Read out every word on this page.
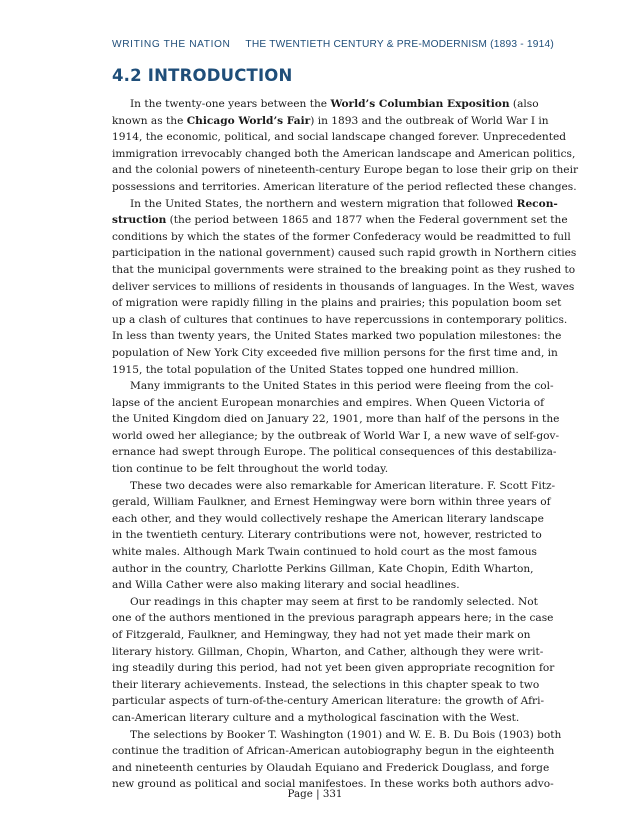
WRITING THE NATION THE TWENTIETH CENTURY & PRE-MODERNISM (1893 - 1914)
4.2 INTRODUCTION
In the twenty-one years between the World’s Columbian Exposition (also
known as the Chicago World’s Fair) in 1893 and the outbreak of World War I in
1914, the economic, political, and social landscape changed forever. Unprecedented
immigration irrevocably changed both the American landscape and American politics,
and the colonial powers of nineteenth-century Europe began to lose their grip on their
possessions and territories. American literature of the period reflected these changes.
In the United States, the northern and western migration that followed Recon-
struction (the period between 1865 and 1877 when the Federal government set the
conditions by which the states of the former Confederacy would be readmitted to full
participation in the national government) caused such rapid growth in Northern cities
that the municipal governments were strained to the breaking point as they rushed to
deliver services to millions of residents in thousands of languages. In the West, waves
of migration were rapidly filling in the plains and prairies; this population boom set
up a clash of cultures that continues to have repercussions in contemporary politics.
In less than twenty years, the United States marked two population milestones: the
population of New York City exceeded five million persons for the first time and, in
1915, the total population of the United States topped one hundred million.
Many immigrants to the United States in this period were fleeing from the col-
lapse of the ancient European monarchies and empires. When Queen Victoria of
the United Kingdom died on January 22, 1901, more than half of the persons in the
world owed her allegiance; by the outbreak of World War I, a new wave of self-gov-
ernance had swept through Europe. The political consequences of this destabiliza-
tion continue to be felt throughout the world today.
These two decades were also remarkable for American literature. F. Scott Fitz-
gerald, William Faulkner, and Ernest Hemingway were born within three years of
each other, and they would collectively reshape the American literary landscape
in the twentieth century. Literary contributions were not, however, restricted to
white males. Although Mark Twain continued to hold court as the most famous
author in the country, Charlotte Perkins Gillman, Kate Chopin, Edith Wharton,
and Willa Cather were also making literary and social headlines.
Our readings in this chapter may seem at first to be randomly selected. Not
one of the authors mentioned in the previous paragraph appears here; in the case
of Fitzgerald, Faulkner, and Hemingway, they had not yet made their mark on
literary history. Gillman, Chopin, Wharton, and Cather, although they were writ-
ing steadily during this period, had not yet been given appropriate recognition for
their literary achievements. Instead, the selections in this chapter speak to two
particular aspects of turn-of-the-century American literature: the growth of Afri-
can-American literary culture and a mythological fascination with the West.
The selections by Booker T. Washington (1901) and W. E. B. Du Bois (1903) both
continue the tradition of African-American autobiography begun in the eighteenth
and nineteenth centuries by Olaudah Equiano and Frederick Douglass, and forge
new ground as political and social manifestoes. In these works both authors advo-
Page | 331
